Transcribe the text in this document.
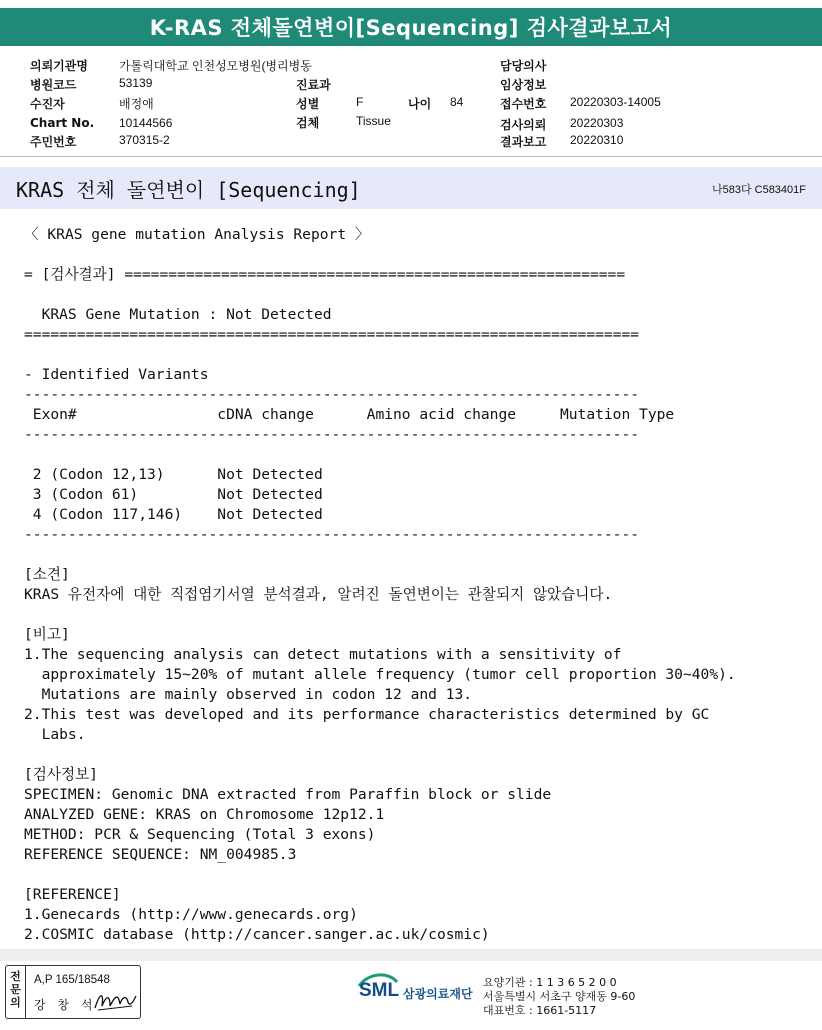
K-RAS 전체돌연변이[Sequencing] 검사결과보고서
의뢰기관명	가톨릭대학교 인천성모병원(병리병동	담당의사
병원코드	53139	진료과	임상정보
수진자	배정애	성별	F	나이 84	접수번호 20220303-14005
Chart No. 10144566	검체	Tissue	검사의뢰 20220303
주민번호	370315-2	결과보고 20220310
KRAS 전체 돌연변이 [Sequencing]	나583다 C583401F
〈 KRAS gene mutation Analysis Report 〉
= [검사결과] =========================================================
KRAS Gene Mutation : Not Detected
======================================================================
- Identified Variants
----------------------------------------------------------------------
Exon#                cDNA change      Amino acid change     Mutation Type
----------------------------------------------------------------------
2 (Codon 12,13)      Not Detected
3 (Codon 61)         Not Detected
4 (Codon 117,146)    Not Detected
----------------------------------------------------------------------
[소견]
KRAS 유전자에 대한 직접염기서열 분석결과, 알려진 돌연변이는 관찰되지 않았습니다.
[비고]
1.The sequencing analysis can detect mutations with a sensitivity of
approximately 15~20% of mutant allele frequency (tumor cell proportion 30~40%).
Mutations are mainly observed in codon 12 and 13.
2.This test was developed and its performance characteristics determined by GC
Labs.
[검사정보]
SPECIMEN: Genomic DNA extracted from Paraffin block or slide
ANALYZED GENE: KRAS on Chromosome 12p12.1
METHOD: PCR & Sequencing (Total 3 exons)
REFERENCE SEQUENCE: NM_004985.3
[REFERENCE]
1.Genecards (http://www.genecards.org)
2.COSMIC database (http://cancer.sanger.ac.uk/cosmic)
전문의
A,P 165/18548
강 창 석
SML 삼광의료재단
요양기관 : 1 1 3 6 5 2 0 0
서울특별시 서초구 양재동 9-60
대표번호 : 1661-5117
